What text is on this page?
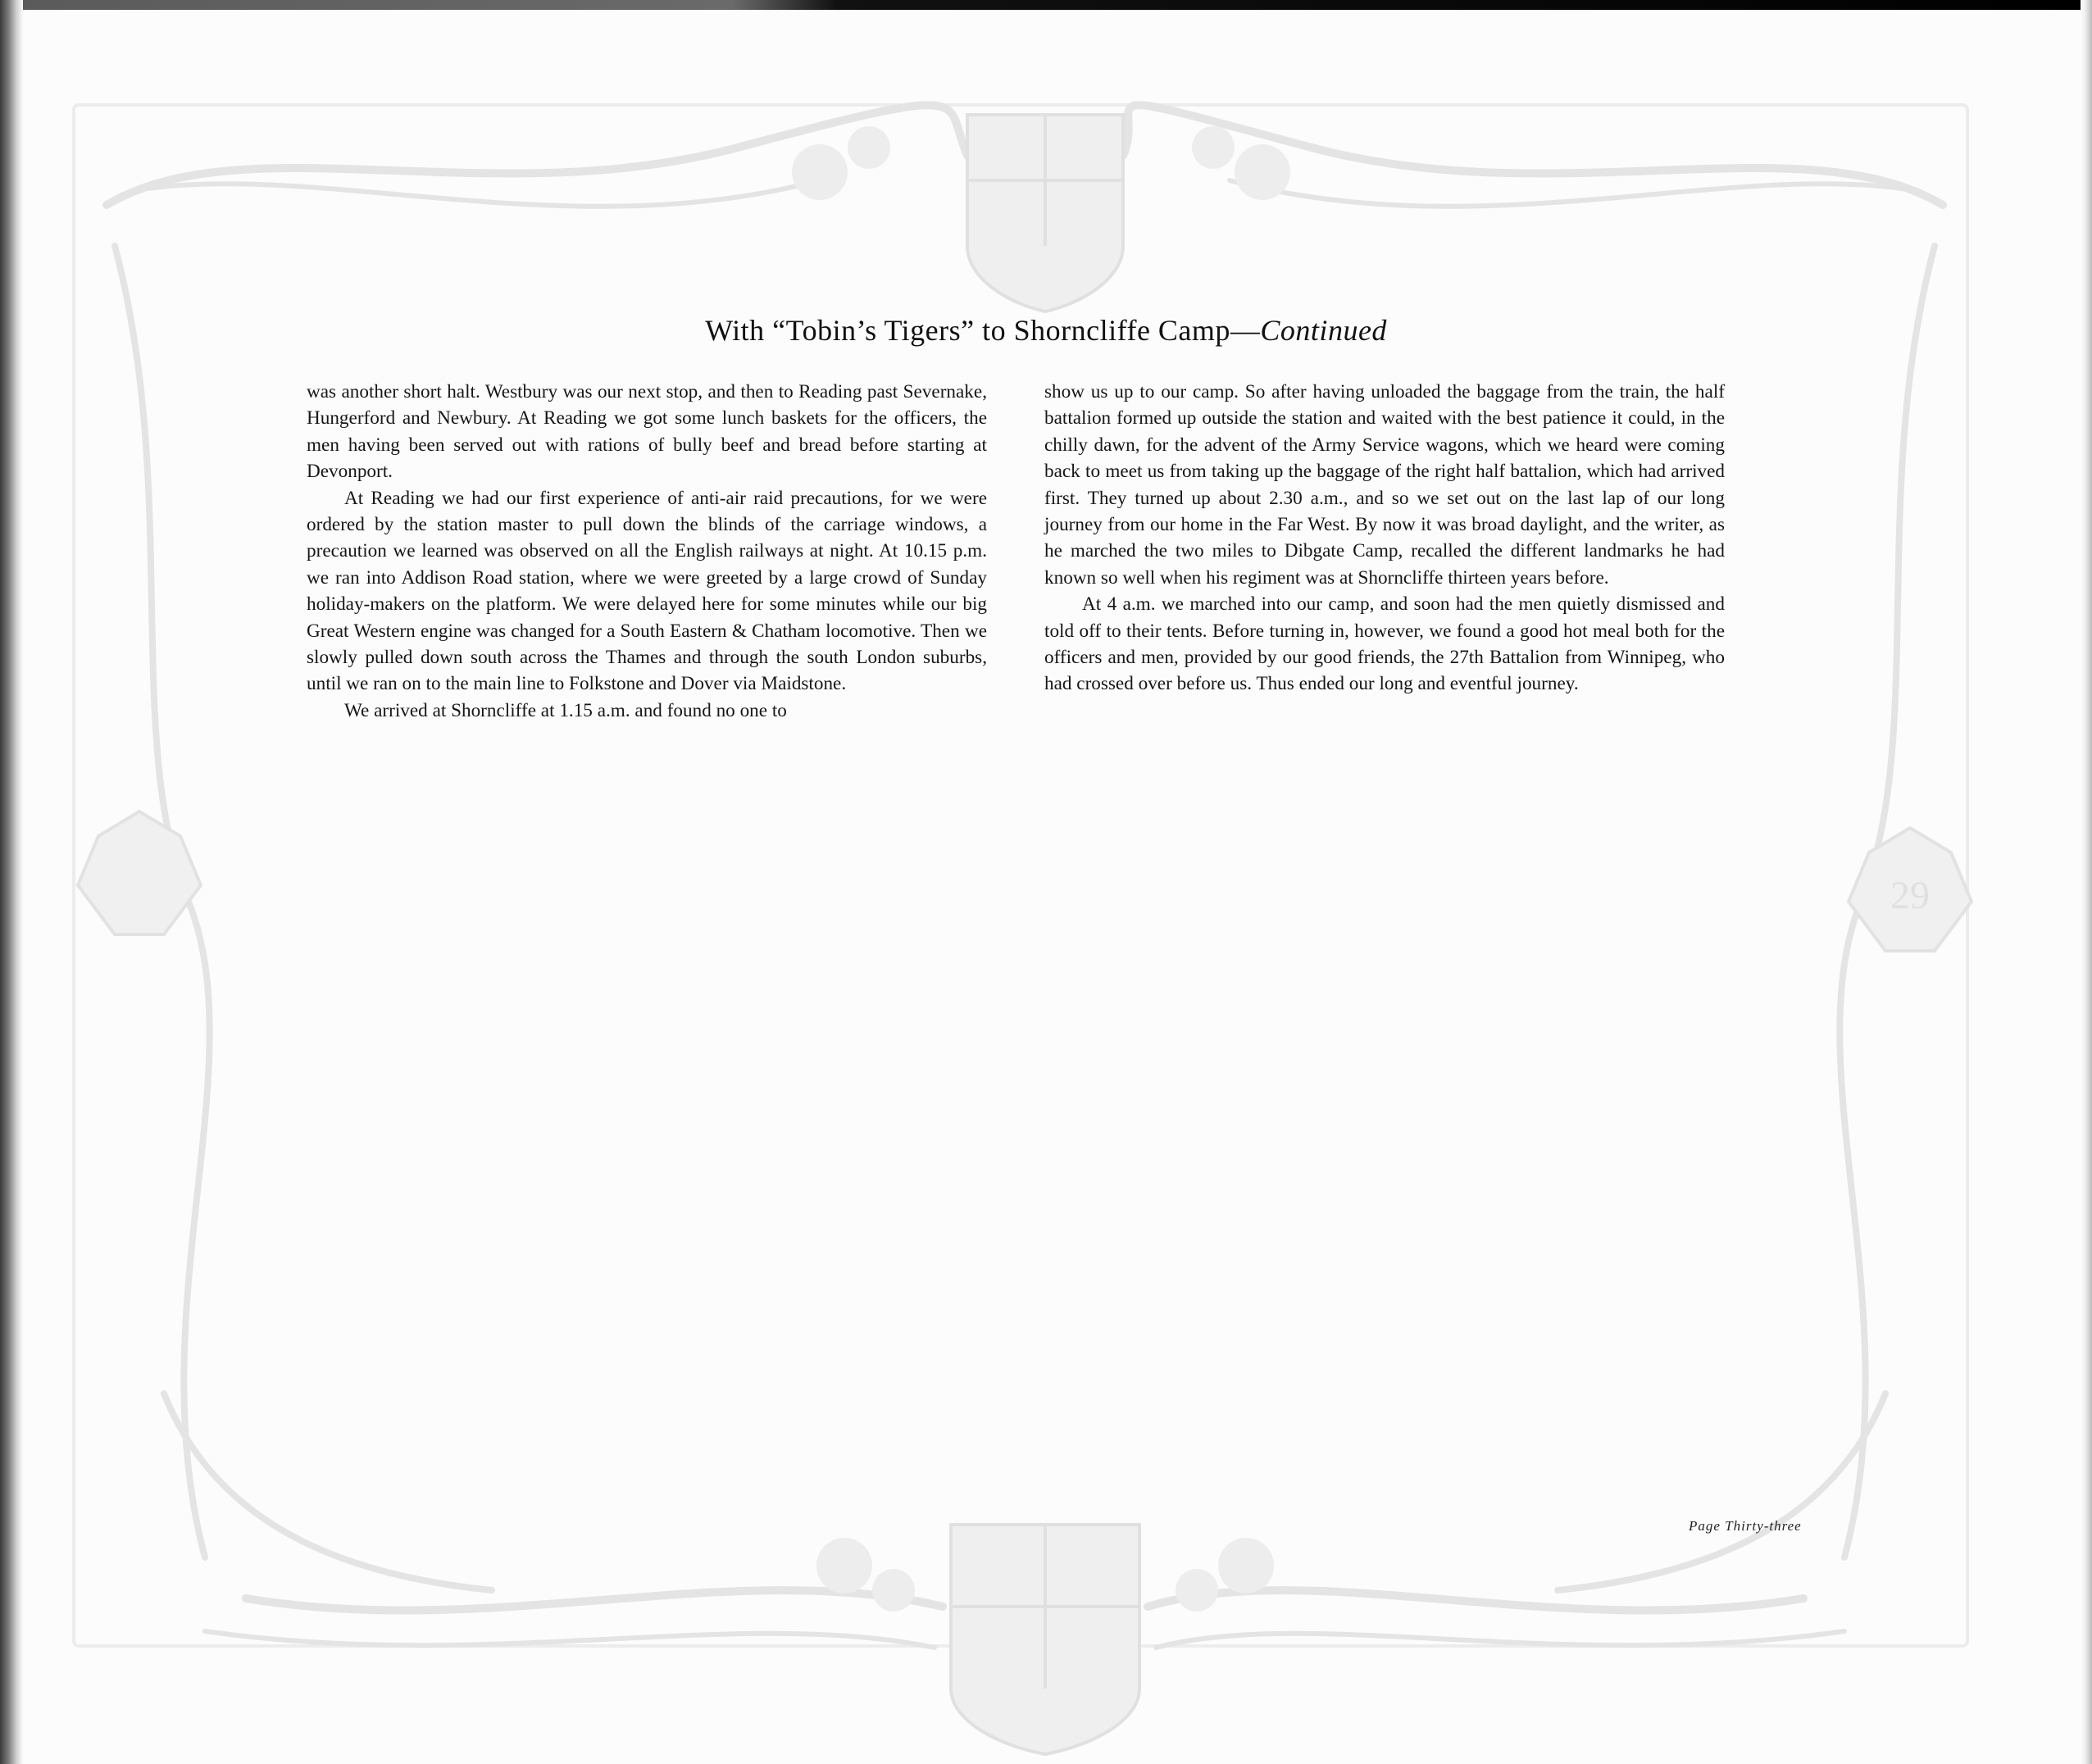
29
With “Tobin’s Tigers” to Shorncliffe Camp—Continued

was another short halt. Westbury was our next stop, and then to Reading past Severnake, Hungerford and Newbury. At Reading we got some lunch baskets for the officers, the men having been served out with rations of bully beef and bread before starting at Devonport.

At Reading we had our first experience of anti-air raid precautions, for we were ordered by the station master to pull down the blinds of the carriage windows, a precaution we learned was observed on all the English railways at night. At 10.15 p.m. we ran into Addison Road station, where we were greeted by a large crowd of Sunday holiday-makers on the platform. We were delayed here for some minutes while our big Great Western engine was changed for a South Eastern & Chatham locomotive. Then we slowly pulled down south across the Thames and through the south London suburbs, until we ran on to the main line to Folkstone and Dover via Maidstone.

We arrived at Shorncliffe at 1.15 a.m. and found no one to

show us up to our camp. So after having unloaded the baggage from the train, the half battalion formed up outside the station and waited with the best patience it could, in the chilly dawn, for the advent of the Army Service wagons, which we heard were coming back to meet us from taking up the baggage of the right half battalion, which had arrived first. They turned up about 2.30 a.m., and so we set out on the last lap of our long journey from our home in the Far West. By now it was broad daylight, and the writer, as he marched the two miles to Dibgate Camp, recalled the different landmarks he had known so well when his regiment was at Shorncliffe thirteen years before.

At 4 a.m. we marched into our camp, and soon had the men quietly dismissed and told off to their tents. Before turning in, however, we found a good hot meal both for the officers and men, provided by our good friends, the 27th Battalion from Winnipeg, who had crossed over before us. Thus ended our long and eventful journey.

Page Thirty-three
